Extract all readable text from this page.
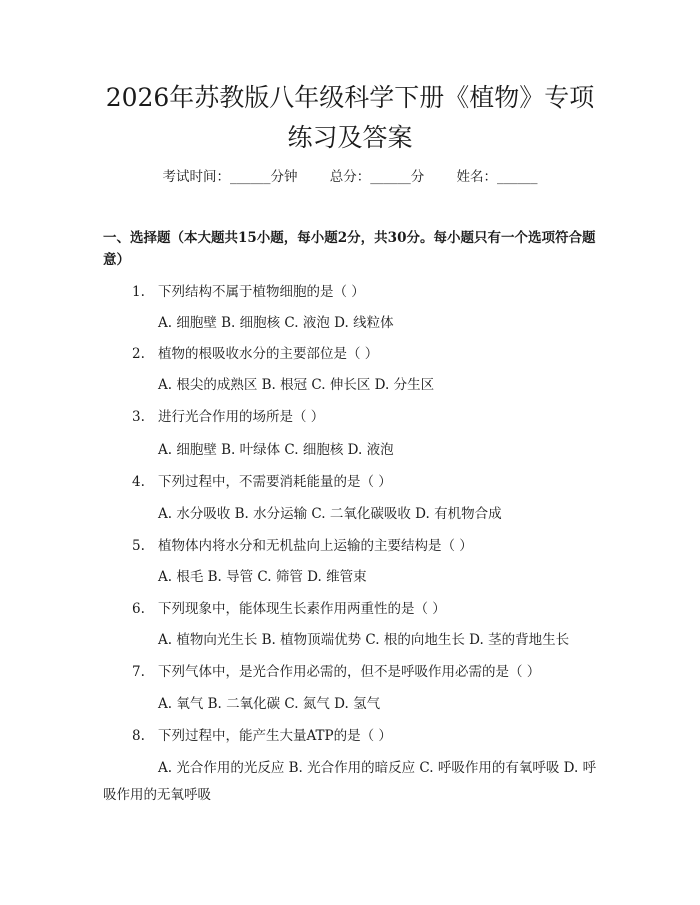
2026年苏教版八年级科学下册《植物》专项
练习及答案
考试时间：______分钟 总分：______分 姓名：______
一、选择题（本大题共15小题，每小题2分，共30分。每小题只有一个选项符合题意）
1. 下列结构不属于植物细胞的是（ ）
A. 细胞壁 B. 细胞核 C. 液泡 D. 线粒体
2. 植物的根吸收水分的主要部位是（ ）
A. 根尖的成熟区 B. 根冠 C. 伸长区 D. 分生区
3. 进行光合作用的场所是（ ）
A. 细胞壁 B. 叶绿体 C. 细胞核 D. 液泡
4. 下列过程中，不需要消耗能量的是（ ）
A. 水分吸收 B. 水分运输 C. 二氧化碳吸收 D. 有机物合成
5. 植物体内将水分和无机盐向上运输的主要结构是（ ）
A. 根毛 B. 导管 C. 筛管 D. 维管束
6. 下列现象中，能体现生长素作用两重性的是（ ）
A. 植物向光生长 B. 植物顶端优势 C. 根的向地生长 D. 茎的背地生长
7. 下列气体中，是光合作用必需的，但不是呼吸作用必需的是（ ）
A. 氧气 B. 二氧化碳 C. 氮气 D. 氢气
8. 下列过程中，能产生大量ATP的是（ ）
A. 光合作用的光反应 B. 光合作用的暗反应 C. 呼吸作用的有氧呼吸 D. 呼吸作用的无氧呼吸
